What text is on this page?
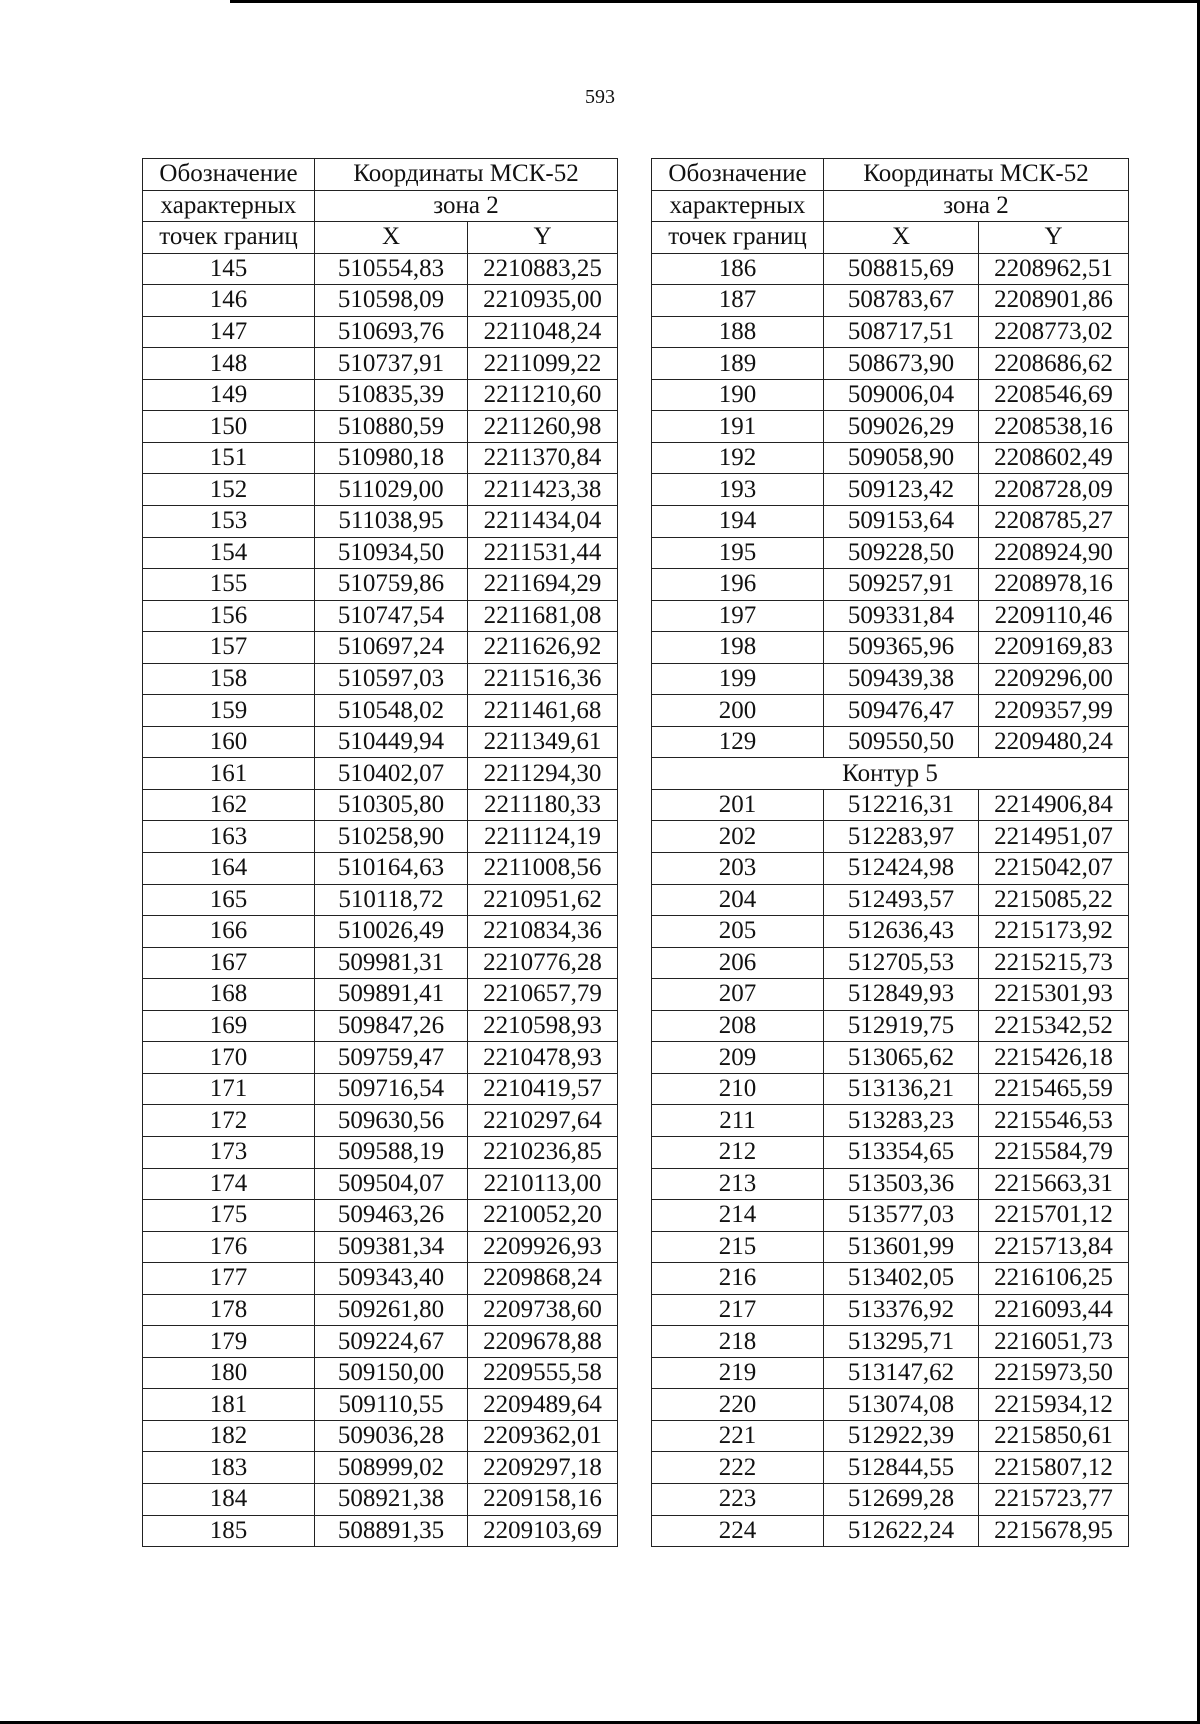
593
Обозначение	Координаты МСК-52	
характерных	зона 2	
точек границ	X	Y
145	510554,83	2210883,25
146	510598,09	2210935,00
147	510693,76	2211048,24
148	510737,91	2211099,22
149	510835,39	2211210,60
150	510880,59	2211260,98
151	510980,18	2211370,84
152	511029,00	2211423,38
153	511038,95	2211434,04
154	510934,50	2211531,44
155	510759,86	2211694,29
156	510747,54	2211681,08
157	510697,24	2211626,92
158	510597,03	2211516,36
159	510548,02	2211461,68
160	510449,94	2211349,61
161	510402,07	2211294,30
162	510305,80	2211180,33
163	510258,90	2211124,19
164	510164,63	2211008,56
165	510118,72	2210951,62
166	510026,49	2210834,36
167	509981,31	2210776,28
168	509891,41	2210657,79
169	509847,26	2210598,93
170	509759,47	2210478,93
171	509716,54	2210419,57
172	509630,56	2210297,64
173	509588,19	2210236,85
174	509504,07	2210113,00
175	509463,26	2210052,20
176	509381,34	2209926,93
177	509343,40	2209868,24
178	509261,80	2209738,60
179	509224,67	2209678,88
180	509150,00	2209555,58
181	509110,55	2209489,64
182	509036,28	2209362,01
183	508999,02	2209297,18
184	508921,38	2209158,16
185	508891,35	2209103,69
Обозначение	Координаты МСК-52	
характерных	зона 2	
точек границ	X	Y
186	508815,69	2208962,51
187	508783,67	2208901,86
188	508717,51	2208773,02
189	508673,90	2208686,62
190	509006,04	2208546,69
191	509026,29	2208538,16
192	509058,90	2208602,49
193	509123,42	2208728,09
194	509153,64	2208785,27
195	509228,50	2208924,90
196	509257,91	2208978,16
197	509331,84	2209110,46
198	509365,96	2209169,83
199	509439,38	2209296,00
200	509476,47	2209357,99
129	509550,50	2209480,24
Контур 5		
201	512216,31	2214906,84
202	512283,97	2214951,07
203	512424,98	2215042,07
204	512493,57	2215085,22
205	512636,43	2215173,92
206	512705,53	2215215,73
207	512849,93	2215301,93
208	512919,75	2215342,52
209	513065,62	2215426,18
210	513136,21	2215465,59
211	513283,23	2215546,53
212	513354,65	2215584,79
213	513503,36	2215663,31
214	513577,03	2215701,12
215	513601,99	2215713,84
216	513402,05	2216106,25
217	513376,92	2216093,44
218	513295,71	2216051,73
219	513147,62	2215973,50
220	513074,08	2215934,12
221	512922,39	2215850,61
222	512844,55	2215807,12
223	512699,28	2215723,77
224	512622,24	2215678,95
